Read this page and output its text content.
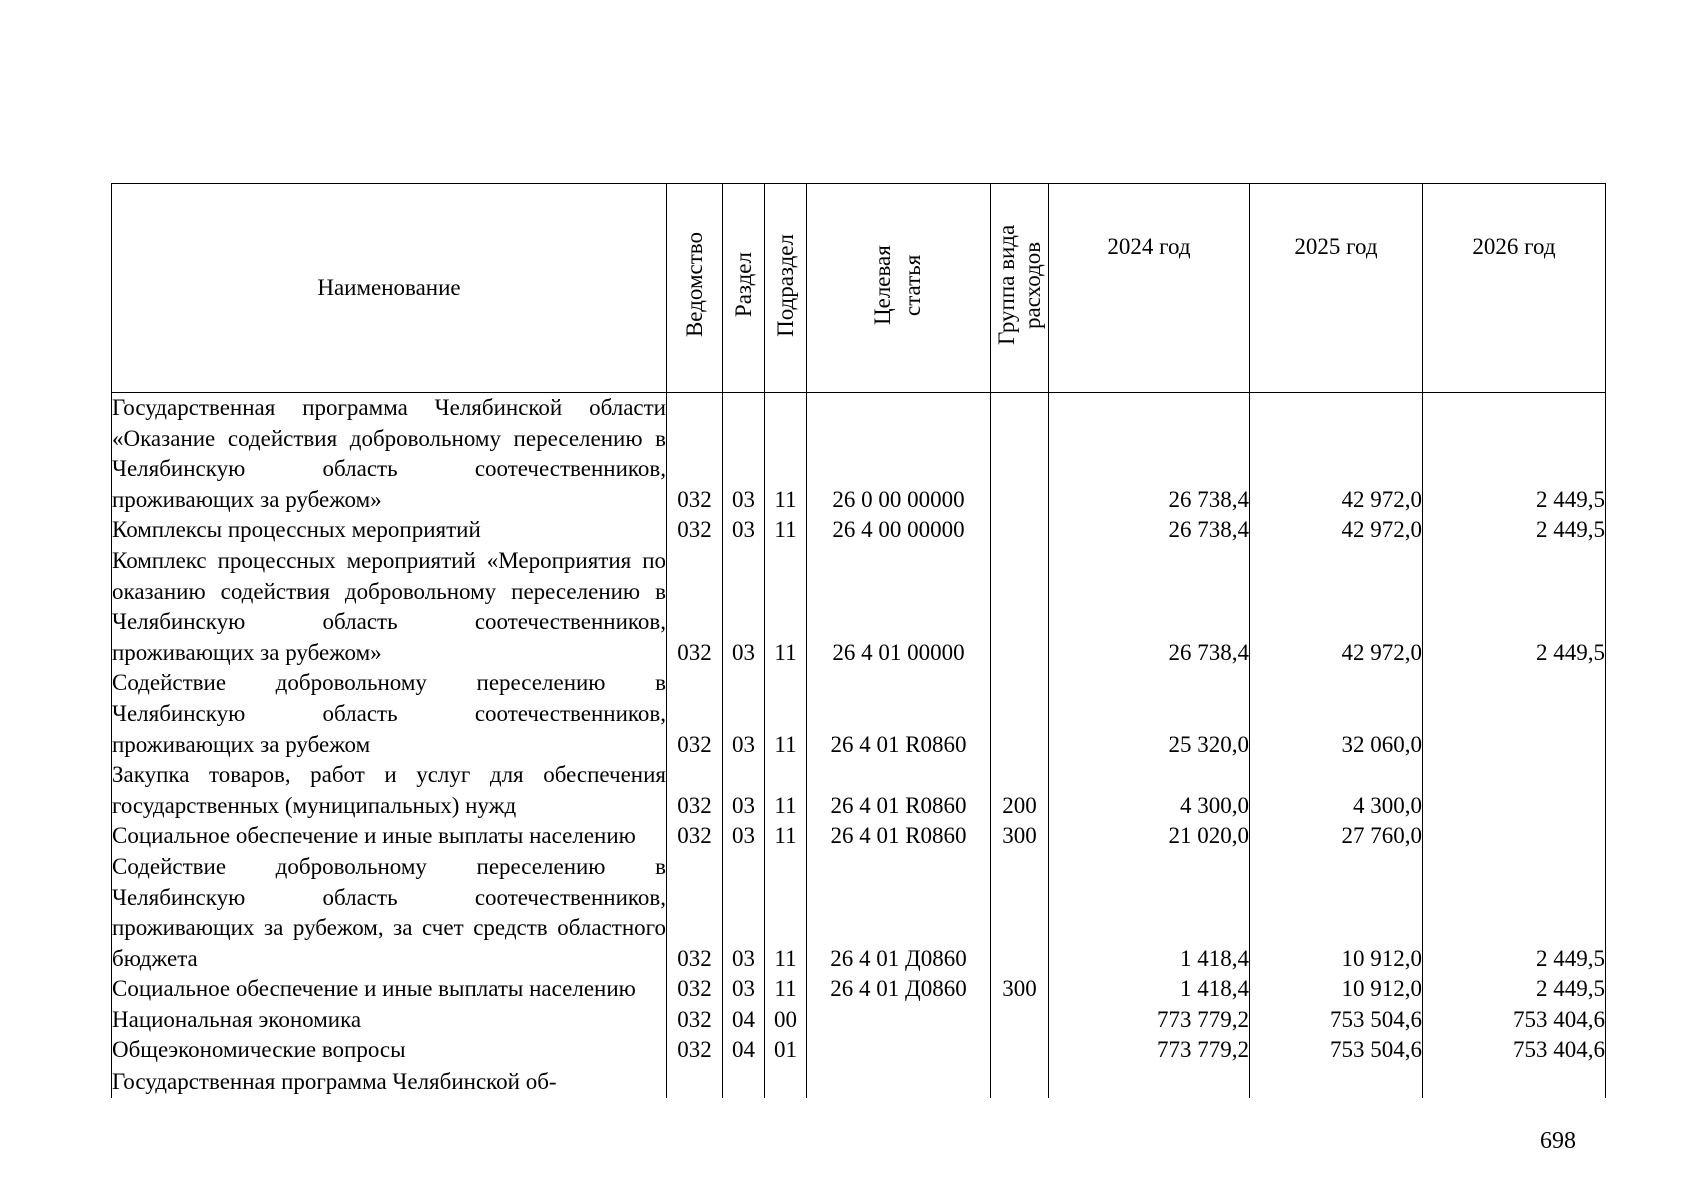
Наименование	Ведомство	Раздел	Подраздел	Целевая статья	Группа вида расходов	2024 год	2025 год	2026 год
Государственная программа Челябинской области «Оказание содействия добровольному переселению в Челябинскую область соотечественников, проживающих за рубежом»	032	03	11	26 0 00 00000		26 738,4	42 972,0	2 449,5
Комплексы процессных мероприятий	032	03	11	26 4 00 00000		26 738,4	42 972,0	2 449,5
Комплекс процессных мероприятий «Мероприятия по оказанию содействия добровольному переселению в Челябинскую область соотечественников, проживающих за рубежом»	032	03	11	26 4 01 00000		26 738,4	42 972,0	2 449,5
Содействие добровольному переселению в Челябинскую область соотечественников, проживающих за рубежом	032	03	11	26 4 01 R0860		25 320,0	32 060,0	
Закупка товаров, работ и услуг для обеспечения государственных (муниципальных) нужд	032	03	11	26 4 01 R0860	200	4 300,0	4 300,0	
Социальное обеспечение и иные выплаты населению	032	03	11	26 4 01 R0860	300	21 020,0	27 760,0	
Содействие добровольному переселению в Челябинскую область соотечественников, проживающих за рубежом, за счет средств областного бюджета	032	03	11	26 4 01 Д0860		1 418,4	10 912,0	2 449,5
Социальное обеспечение и иные выплаты населению	032	03	11	26 4 01 Д0860	300	1 418,4	10 912,0	2 449,5
Национальная экономика	032	04	00			773 779,2	753 504,6	753 404,6
Общеэкономические вопросы	032	04	01			773 779,2	753 504,6	753 404,6
Государственная программа Челябинской об-								
698
